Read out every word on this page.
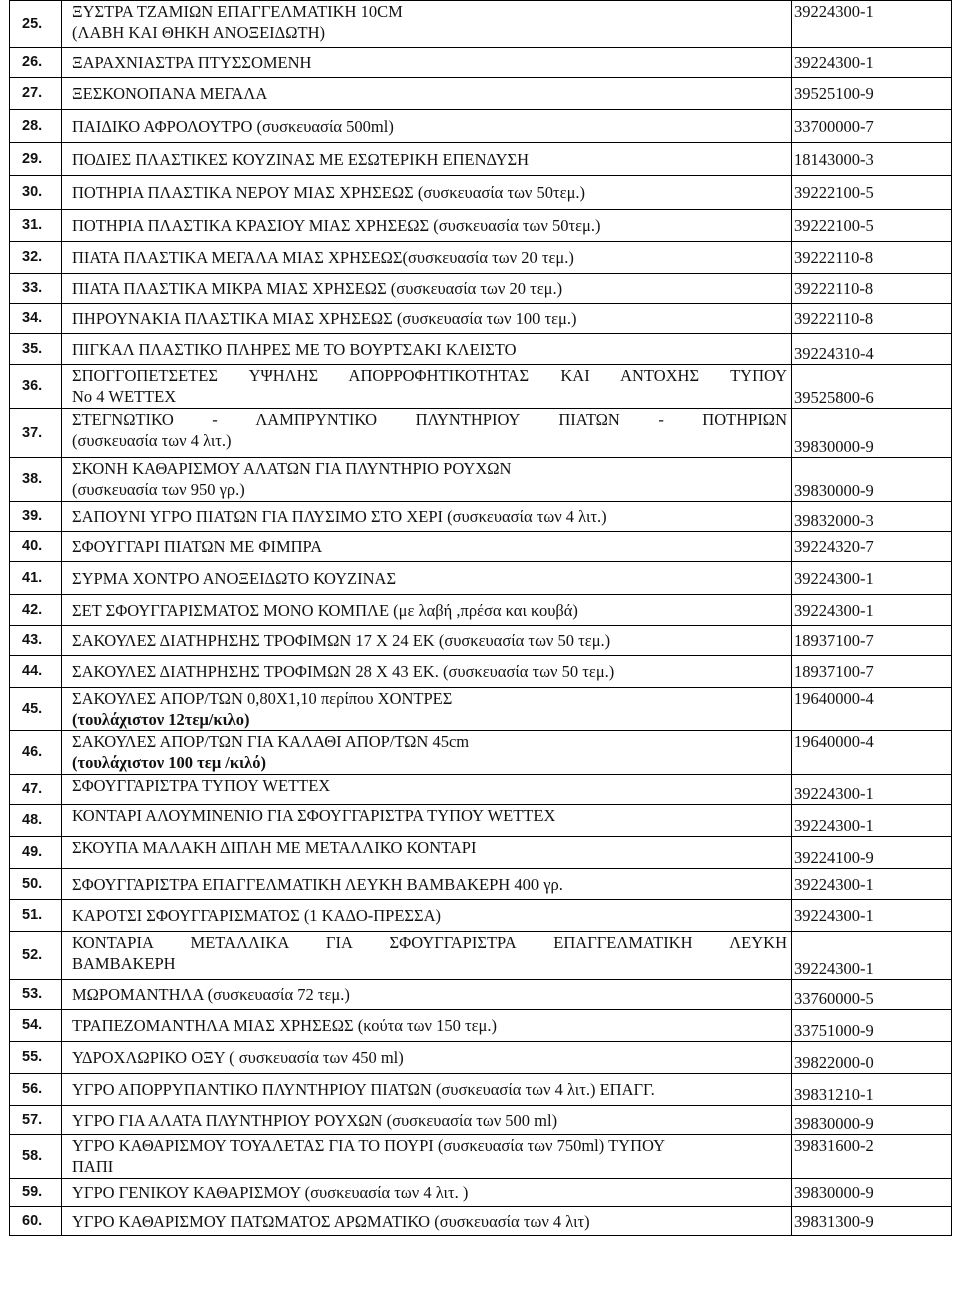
25.	ΞΥΣΤΡΑ ΤΖΑΜΙΩΝ ΕΠΑΓΓΕΛΜΑΤΙΚΗ 10CM
(ΛΑΒΗ ΚΑΙ ΘΗΚΗ ΑΝΟΞΕΙΔΩΤΗ)	39224300-1
26.	ΞΑΡΑΧΝΙΑΣΤΡΑ ΠΤΥΣΣΟΜΕΝΗ	39224300-1
27.	ΞΕΣΚΟΝΟΠΑΝΑ ΜΕΓΑΛΑ	39525100-9
28.	ΠΑΙΔΙΚΟ ΑΦΡΟΛΟΥΤΡΟ (συσκευασία 500ml)	33700000-7
29.	ΠΟΔΙΕΣ ΠΛΑΣΤΙΚΕΣ ΚΟΥΖΙΝΑΣ ΜΕ ΕΣΩΤΕΡΙΚΗ ΕΠΕΝΔΥΣΗ	18143000-3
30.	ΠΟΤΗΡΙΑ ΠΛΑΣΤΙΚΑ ΝΕΡΟΥ ΜΙΑΣ ΧΡΗΣΕΩΣ (συσκευασία των 50τεμ.)	39222100-5
31.	ΠΟΤΗΡΙΑ ΠΛΑΣΤΙΚΑ ΚΡΑΣΙΟΥ ΜΙΑΣ ΧΡΗΣΕΩΣ (συσκευασία των 50τεμ.)	39222100-5
32.	ΠΙΑΤΑ ΠΛΑΣΤΙΚΑ ΜΕΓΑΛΑ ΜΙΑΣ ΧΡΗΣΕΩΣ(συσκευασία των 20 τεμ.)	39222110-8
33.	ΠΙΑΤΑ ΠΛΑΣΤΙΚΑ ΜΙΚΡΑ ΜΙΑΣ ΧΡΗΣΕΩΣ (συσκευασία των 20 τεμ.)	39222110-8
34.	ΠΗΡΟΥΝΑΚΙΑ ΠΛΑΣΤΙΚΑ ΜΙΑΣ ΧΡΗΣΕΩΣ (συσκευασία των 100 τεμ.)	39222110-8
35.	ΠΙΓΚΑΛ ΠΛΑΣΤΙΚΟ ΠΛΗΡΕΣ ΜΕ ΤΟ ΒΟΥΡΤΣΑΚΙ ΚΛΕΙΣΤΟ	39224310-4
36.	ΣΠΟΓΓΟΠΕΤΣΕΤΕΣ ΥΨΗΛΗΣ ΑΠΟΡΡΟΦΗΤΙΚΟΤΗΤΑΣ ΚΑΙ ΑΝΤΟΧΗΣ ΤΥΠΟΥ
No 4 WETTEX	39525800-6
37.	ΣΤΕΓΝΩΤΙΚΟ - ΛΑΜΠΡΥΝΤΙΚΟ ΠΛΥΝΤΗΡΙΟΥ ΠΙΑΤΩΝ - ΠΟΤΗΡΙΩΝ
(συσκευασία των 4 λιτ.)	39830000-9
38.	ΣΚΟΝΗ ΚΑΘΑΡΙΣΜΟΥ ΑΛΑΤΩΝ ΓΙΑ ΠΛΥΝΤΗΡΙΟ ΡΟΥΧΩΝ
(συσκευασία των 950 γρ.)	39830000-9
39.	ΣΑΠΟΥΝΙ ΥΓΡΟ ΠΙΑΤΩΝ ΓΙΑ ΠΛΥΣΙΜΟ ΣΤΟ ΧΕΡΙ (συσκευασία των 4 λιτ.)	39832000-3
40.	ΣΦΟΥΓΓΑΡΙ ΠΙΑΤΩΝ ΜΕ ΦΙΜΠΡΑ	39224320-7
41.	ΣΥΡΜΑ ΧΟΝΤΡΟ ΑΝΟΞΕΙΔΩΤΟ ΚΟΥΖΙΝΑΣ	39224300-1
42.	ΣΕΤ ΣΦΟΥΓΓΑΡΙΣΜΑΤΟΣ ΜΟΝΟ ΚΟΜΠΛΕ (με λαβή ,πρέσα και κουβά)	39224300-1
43.	ΣΑΚΟΥΛΕΣ ΔΙΑΤΗΡΗΣΗΣ ΤΡΟΦΙΜΩΝ 17 Χ 24 ΕΚ (συσκευασία των 50 τεμ.)	18937100-7
44.	ΣΑΚΟΥΛΕΣ ΔΙΑΤΗΡΗΣΗΣ ΤΡΟΦΙΜΩΝ 28 Χ 43 ΕΚ. (συσκευασία των 50 τεμ.)	18937100-7
45.	ΣΑΚΟΥΛΕΣ ΑΠΟΡ/ΤΩΝ 0,80Χ1,10 περίπου ΧΟΝΤΡΕΣ
(τουλάχιστον 12τεμ/κιλο)	19640000-4
46.	ΣΑΚΟΥΛΕΣ ΑΠΟΡ/ΤΩΝ ΓΙΑ ΚΑΛΑΘΙ ΑΠΟΡ/ΤΩΝ 45cm
(τουλάχιστον 100 τεμ /κιλό)	19640000-4
47.	ΣΦΟΥΓΓΑΡΙΣΤΡΑ ΤΥΠΟΥ WETTEX	39224300-1
48.	ΚΟΝΤΑΡΙ ΑΛΟΥΜΙΝΕΝΙΟ ΓΙΑ ΣΦΟΥΓΓΑΡΙΣΤΡΑ ΤΥΠΟΥ WETTEX	39224300-1
49.	ΣΚΟΥΠΑ ΜΑΛΑΚΗ ΔΙΠΛΗ ΜΕ ΜΕΤΑΛΛΙΚΟ ΚΟΝΤΑΡΙ	39224100-9
50.	ΣΦΟΥΓΓΑΡΙΣΤΡΑ ΕΠΑΓΓΕΛΜΑΤΙΚΗ ΛΕΥΚΗ ΒΑΜΒΑΚΕΡΗ 400 γρ.	39224300-1
51.	ΚΑΡΟΤΣΙ ΣΦΟΥΓΓΑΡΙΣΜΑΤΟΣ (1 ΚΑΔΟ-ΠΡΕΣΣΑ)	39224300-1
52.	ΚΟΝΤΑΡΙΑ ΜΕΤΑΛΛΙΚΑ ΓΙΑ ΣΦΟΥΓΓΑΡΙΣΤΡΑ ΕΠΑΓΓΕΛΜΑΤΙΚΗ ΛΕΥΚΗ
ΒΑΜΒΑΚΕΡΗ	39224300-1
53.	ΜΩΡΟΜΑΝΤΗΛΑ (συσκευασία 72 τεμ.)	33760000-5
54.	ΤΡΑΠΕΖΟΜΑΝΤΗΛΑ ΜΙΑΣ ΧΡΗΣΕΩΣ (κούτα των 150 τεμ.)	33751000-9
55.	ΥΔΡΟΧΛΩΡΙΚΟ ΟΞΥ ( συσκευασία των 450 ml)	39822000-0
56.	ΥΓΡΟ ΑΠΟΡΡΥΠΑΝΤΙΚΟ ΠΛΥΝΤΗΡΙΟΥ ΠΙΑΤΩΝ (συσκευασία των 4 λιτ.) ΕΠΑΓΓ.	39831210-1
57.	ΥΓΡΟ ΓΙΑ ΑΛΑΤΑ ΠΛΥΝΤΗΡΙΟΥ ΡΟΥΧΩΝ (συσκευασία των 500 ml)	39830000-9
58.	ΥΓΡΟ ΚΑΘΑΡΙΣΜΟΥ ΤΟΥΑΛΕΤΑΣ ΓΙΑ ΤΟ ΠΟΥΡΙ (συσκευασία των 750ml) ΤΥΠΟΥ
ΠΑΠΙ	39831600-2
59.	ΥΓΡΟ ΓΕΝΙΚΟΥ ΚΑΘΑΡΙΣΜΟΥ (συσκευασία των 4 λιτ. )	39830000-9
60.	ΥΓΡΟ ΚΑΘΑΡΙΣΜΟΥ ΠΑΤΩΜΑΤΟΣ ΑΡΩΜΑΤΙΚΟ (συσκευασία των 4 λιτ)	39831300-9
